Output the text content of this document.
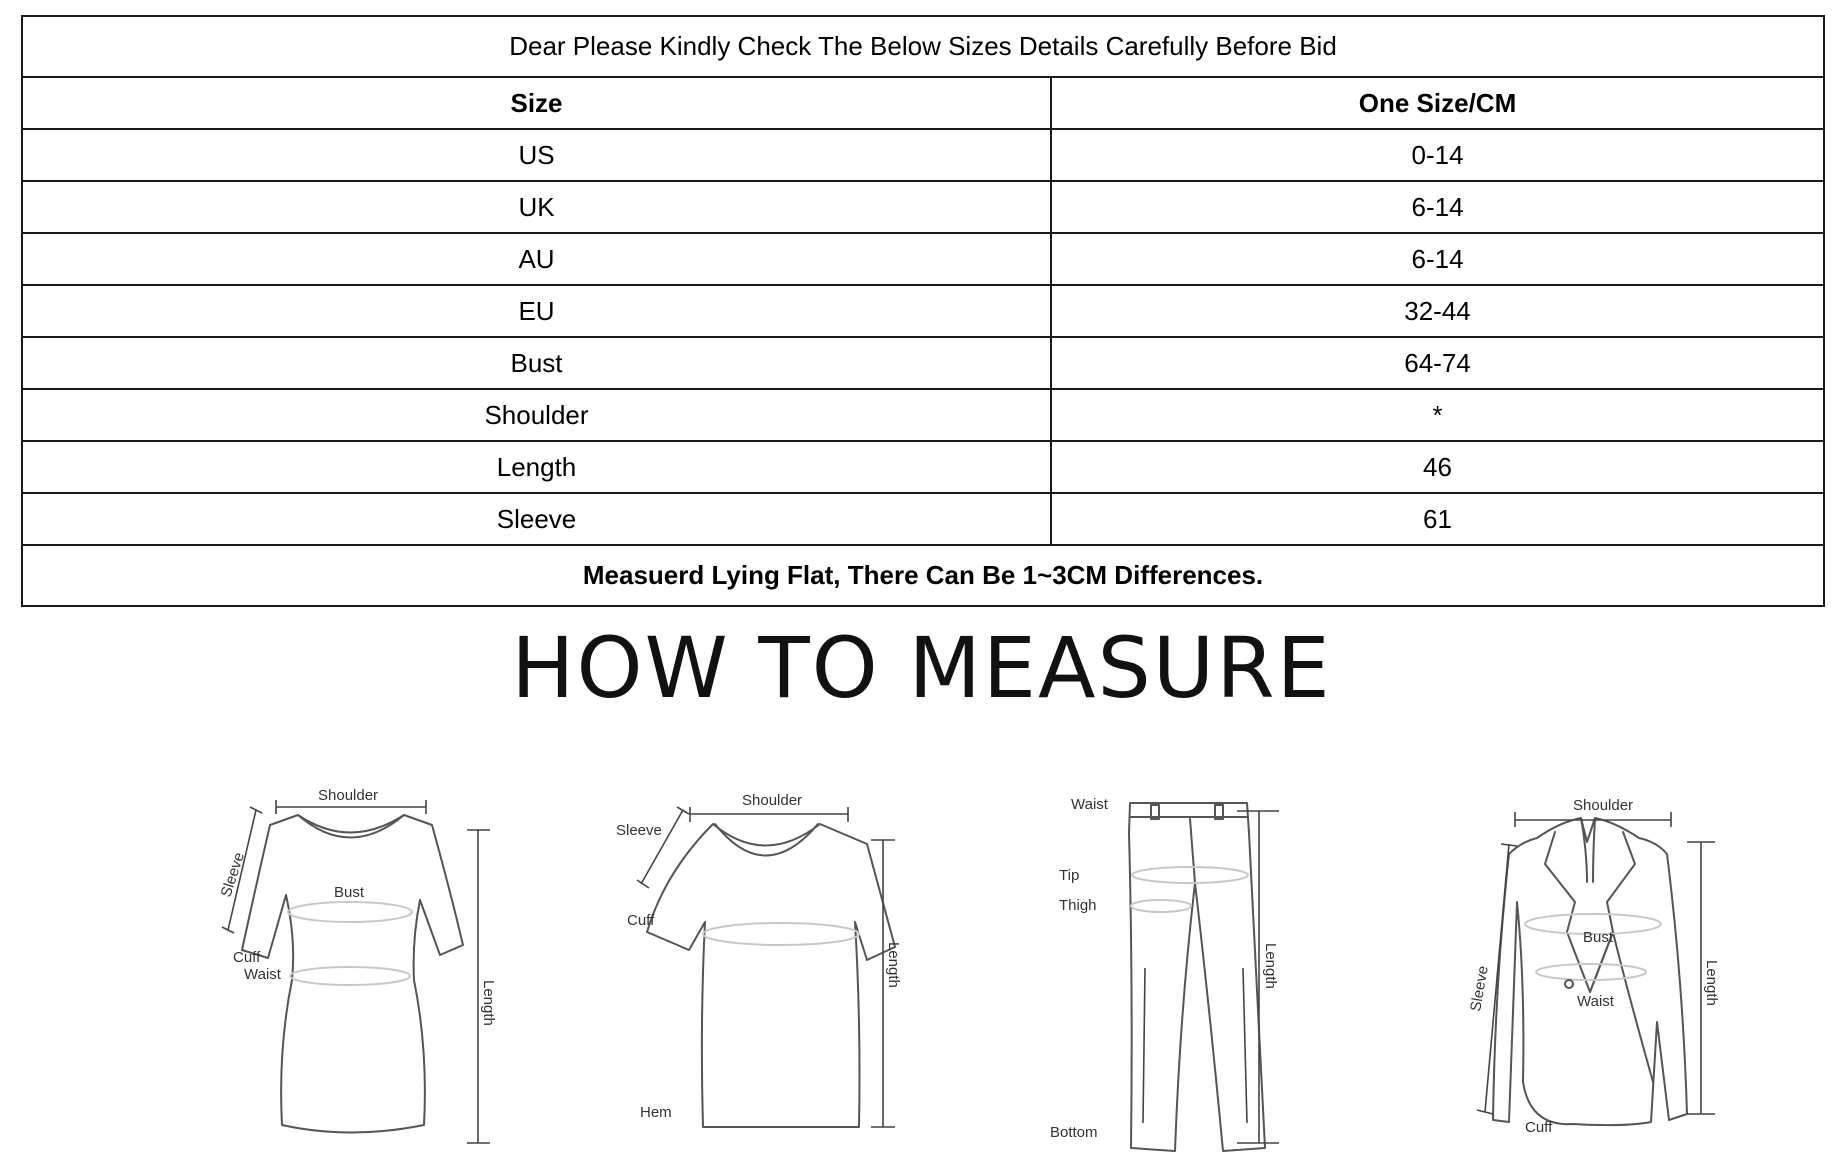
Dear Please Kindly Check The Below Sizes Details Carefully Before Bid	
Size	One Size/CM
US	0-14
UK	6-14
AU	6-14
EU	32-44
Bust	64-74
Shoulder	*
Length	46
Sleeve	61
Measuerd Lying Flat, There Can Be 1~3CM Differences.	
HOW TO MEASURE
Shoulder
Sleeve	Bust
Cuff
Waist
Length
Shoulder
Sleeve
Cuff
Length
Hem
Waist
Tip
Thigh
Length
Bottom
Shoulder
Sleeve
Bust
Waist	Length
Cuff
